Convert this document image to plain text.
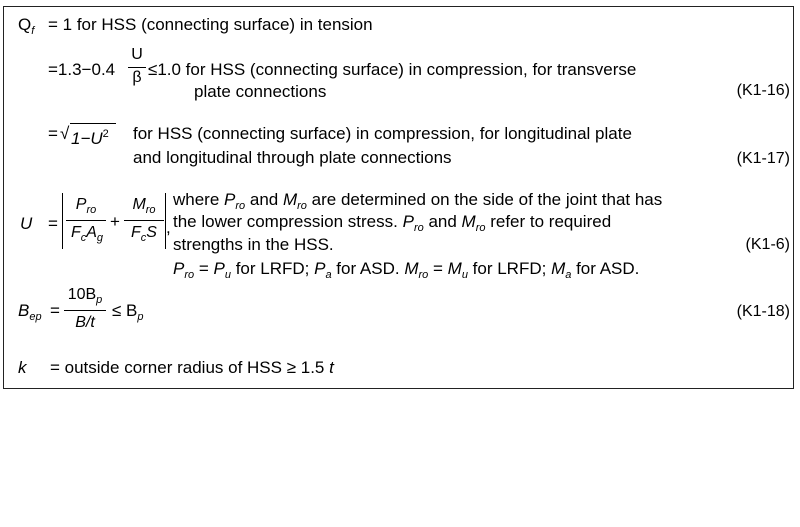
$Q_f = 1$ for HSS (connecting surface) in tension
=1.3−0.4
U
β ≤1.0 for HSS (connecting surface) in compression, for transverse
plate connections	(K1-16)
= √ $1-U^2$ for HSS (connecting surface) in compression, for longitudinal plate
and longitudinal through plate connections	(K1-17)
U =
$P_{ro}$
$F_cA_g$
+
$M_{ro}$
$F_cS$ ,
where $P_{ro}$ and $M_{ro}$ are determined on the side of the joint that has
the lower compression stress. $P_{ro}$ and $M_{ro}$ refer to required
strengths in the HSS.	(K1-6)
$P_{ro} = P_u$ for LRFD; $P_a$ for ASD. $M_{ro} = M_u$ for LRFD; $M_a$ for ASD.
$B_{ep}$ =
$10B_p$
B/t
≤ $B_p$	(K1-18)
k = outside corner radius of HSS ≥ 1.5 t
